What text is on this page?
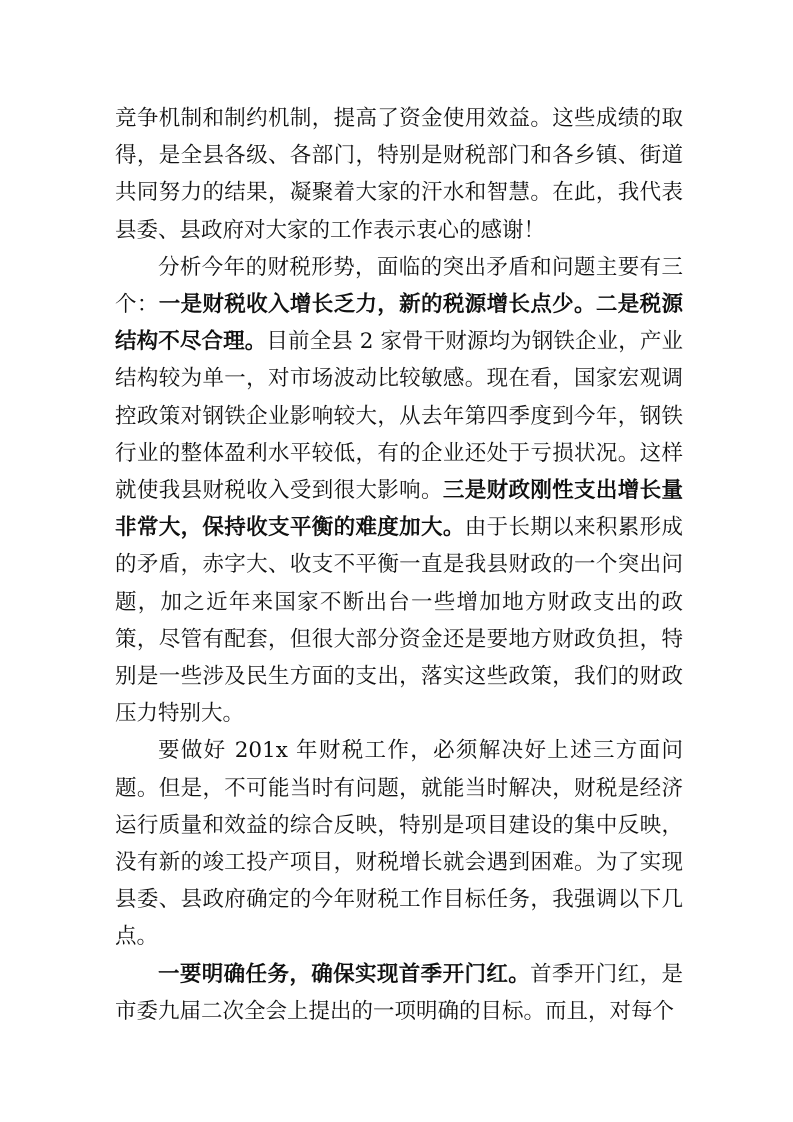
竞争机制和制约机制，提高了资金使用效益。这些成绩的取得，是全县各级、各部门，特别是财税部门和各乡镇、街道共同努力的结果，凝聚着大家的汗水和智慧。在此，我代表县委、县政府对大家的工作表示衷心的感谢！

分析今年的财税形势，面临的突出矛盾和问题主要有三个：一是财税收入增长乏力，新的税源增长点少。二是税源结构不尽合理。目前全县 2 家骨干财源均为钢铁企业，产业结构较为单一，对市场波动比较敏感。现在看，国家宏观调控政策对钢铁企业影响较大，从去年第四季度到今年，钢铁行业的整体盈利水平较低，有的企业还处于亏损状况。这样就使我县财税收入受到很大影响。三是财政刚性支出增长量非常大，保持收支平衡的难度加大。由于长期以来积累形成的矛盾，赤字大、收支不平衡一直是我县财政的一个突出问题，加之近年来国家不断出台一些增加地方财政支出的政策，尽管有配套，但很大部分资金还是要地方财政负担，特别是一些涉及民生方面的支出，落实这些政策，我们的财政压力特别大。

要做好 201x 年财税工作，必须解决好上述三方面问题。但是，不可能当时有问题，就能当时解决，财税是经济运行质量和效益的综合反映，特别是项目建设的集中反映，没有新的竣工投产项目，财税增长就会遇到困难。为了实现县委、县政府确定的今年财税工作目标任务，我强调以下几点。

一要明确任务，确保实现首季开门红。首季开门红，是市委九届二次全会上提出的一项明确的目标。而且，对每个
